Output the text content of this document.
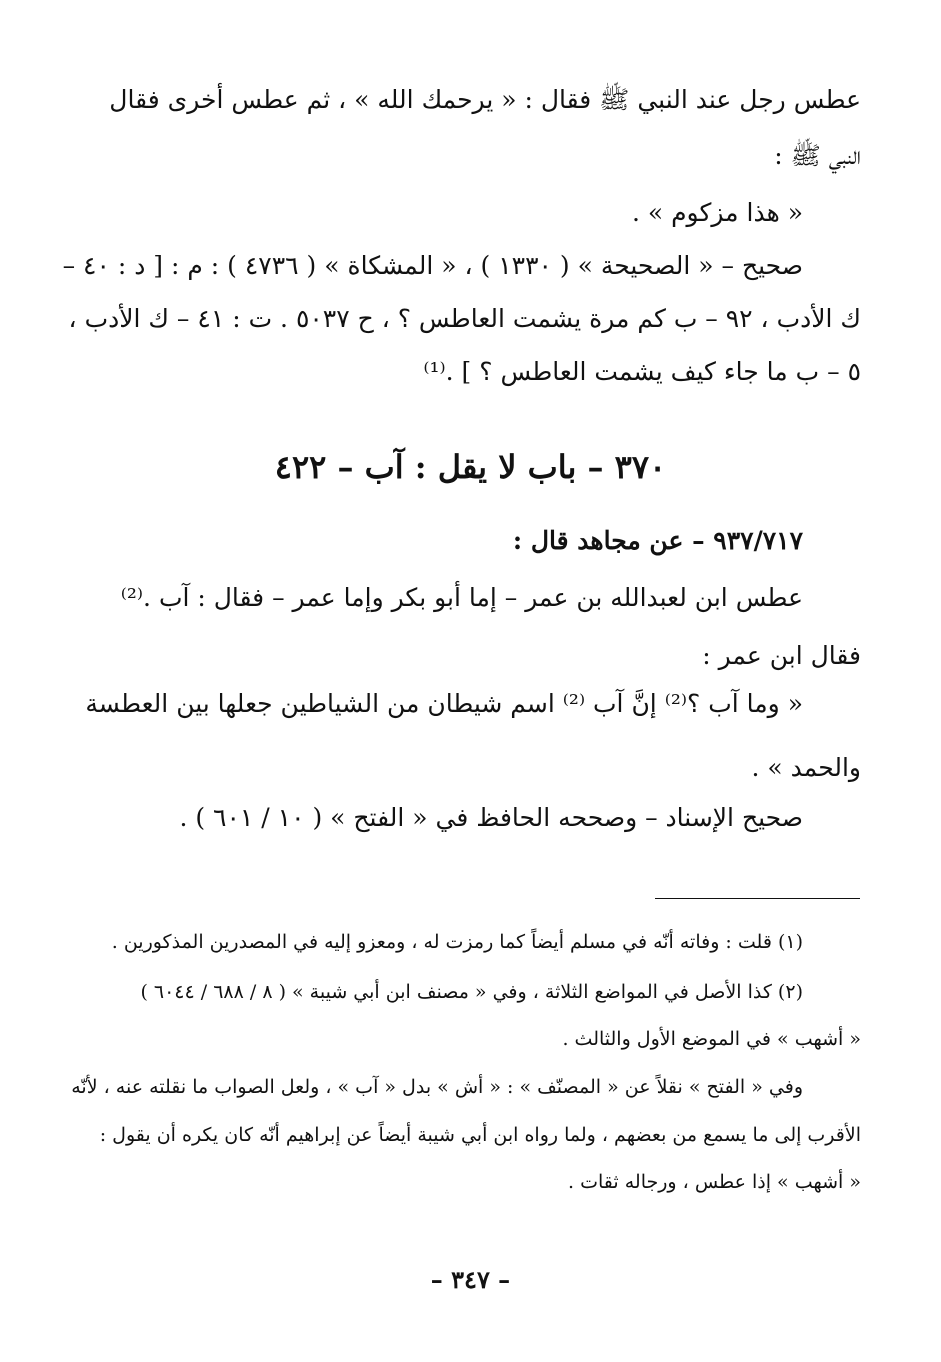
عطس رجل عند النبي ﷺ فقال : « يرحمك الله » ، ثم عطس أخرى فقال
النبي ﷺ :
« هذا مزكوم » .
صحيح – « الصحيحة » ( ١٣٣٠ ) ، « المشكاة » ( ٤٧٣٦ ) : م : [ د : ٤٠ –
ك الأدب ، ٩٢ – ب كم مرة يشمت العاطس ؟ ، ح ٥٠٣٧ . ت : ٤١ – ك الأدب ،
٥ – ب ما جاء كيف يشمت العاطس ؟ ] .⁽¹⁾
٣٧٠ – باب لا يقل : آب – ٤٢٢
٩٣٧/٧١٧ – عن مجاهد قال :
عطس ابن لعبدالله بن عمر – إما أبو بكر وإما عمر – فقال : آب .⁽²⁾
فقال ابن عمر :
« وما آب ؟⁽²⁾ إنَّ آب ⁽²⁾ اسم شيطان من الشياطين جعلها بين العطسة
والحمد » .
صحيح الإسناد – وصححه الحافظ في « الفتح » ( ١٠ / ٦٠١ ) .
(١) قلت : وفاته أنّه في مسلم أيضاً كما رمزت له ، ومعزو إليه في المصدرين المذكورين .
(٢) كذا الأصل في المواضع الثلاثة ، وفي « مصنف ابن أبي شيبة » ( ٨ / ٦٨٨ / ٦٠٤٤ )
« أشهب » في الموضع الأول والثالث .
وفي « الفتح » نقلاً عن « المصنّف » : « أش » بدل « آب » ، ولعل الصواب ما نقلته عنه ، لأنّه
الأقرب إلى ما يسمع من بعضهم ، ولما رواه ابن أبي شيبة أيضاً عن إبراهيم أنّه كان يكره أن يقول :
« أشهب » إذا عطس ، ورجاله ثقات .
– ٣٤٧ –
